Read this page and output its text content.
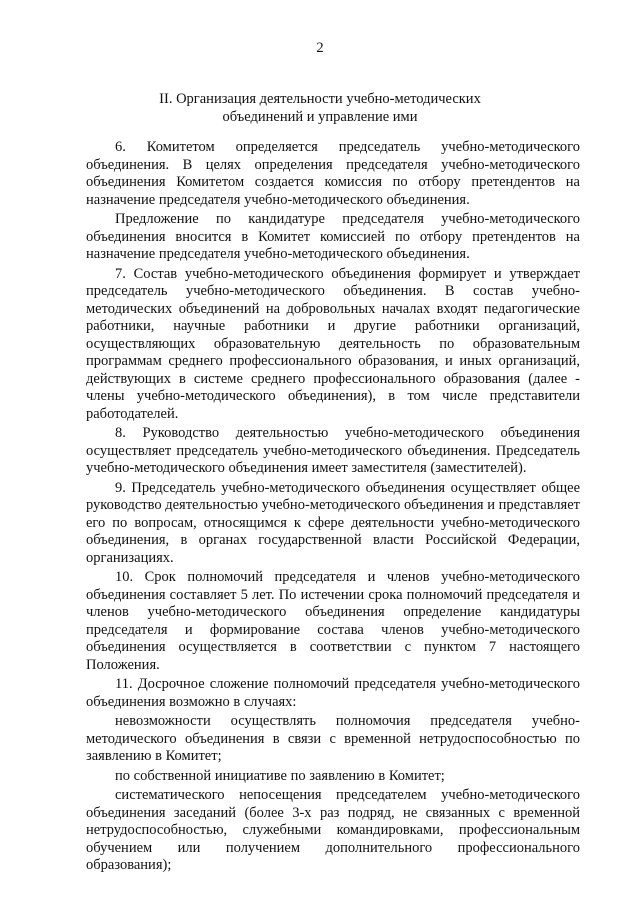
2
II. Организация деятельности учебно-методических
объединений и управление ими

6. Комитетом определяется председатель учебно-методического объединения. В целях определения председателя учебно-методического объединения Комитетом создается комиссия по отбору претендентов на назначение председателя учебно-методического объединения.

Предложение по кандидатуре председателя учебно-методического объединения вносится в Комитет комиссией по отбору претендентов на назначение председателя учебно-методического объединения.

7. Состав учебно-методического объединения формирует и утверждает председатель учебно-методического объединения. В состав учебно-методических объединений на добровольных началах входят педагогические работники, научные работники и другие работники организаций, осуществляющих образовательную деятельность по образовательным программам среднего профессионального образования, и иных организаций, действующих в системе среднего профессионального образования (далее - члены учебно-методического объединения), в том числе представители работодателей.

8. Руководство деятельностью учебно-методического объединения осуществляет председатель учебно-методического объединения. Председатель учебно-методического объединения имеет заместителя (заместителей).

9. Председатель учебно-методического объединения осуществляет общее руководство деятельностью учебно-методического объединения и представляет его по вопросам, относящимся к сфере деятельности учебно-методического объединения, в органах государственной власти Российской Федерации, организациях.

10. Срок полномочий председателя и членов учебно-методического объединения составляет 5 лет. По истечении срока полномочий председателя и членов учебно-методического объединения определение кандидатуры председателя и формирование состава членов учебно-методического объединения осуществляется в соответствии с пунктом 7 настоящего Положения.

11. Досрочное сложение полномочий председателя учебно-методического объединения возможно в случаях:

невозможности осуществлять полномочия председателя учебно-методического объединения в связи с временной нетрудоспособностью по заявлению в Комитет;

по собственной инициативе по заявлению в Комитет;

систематического непосещения председателем учебно-методического объединения заседаний (более 3-х раз подряд, не связанных с временной нетрудоспособностью, служебными командировками, профессиональным обучением или получением дополнительного профессионального образования);
